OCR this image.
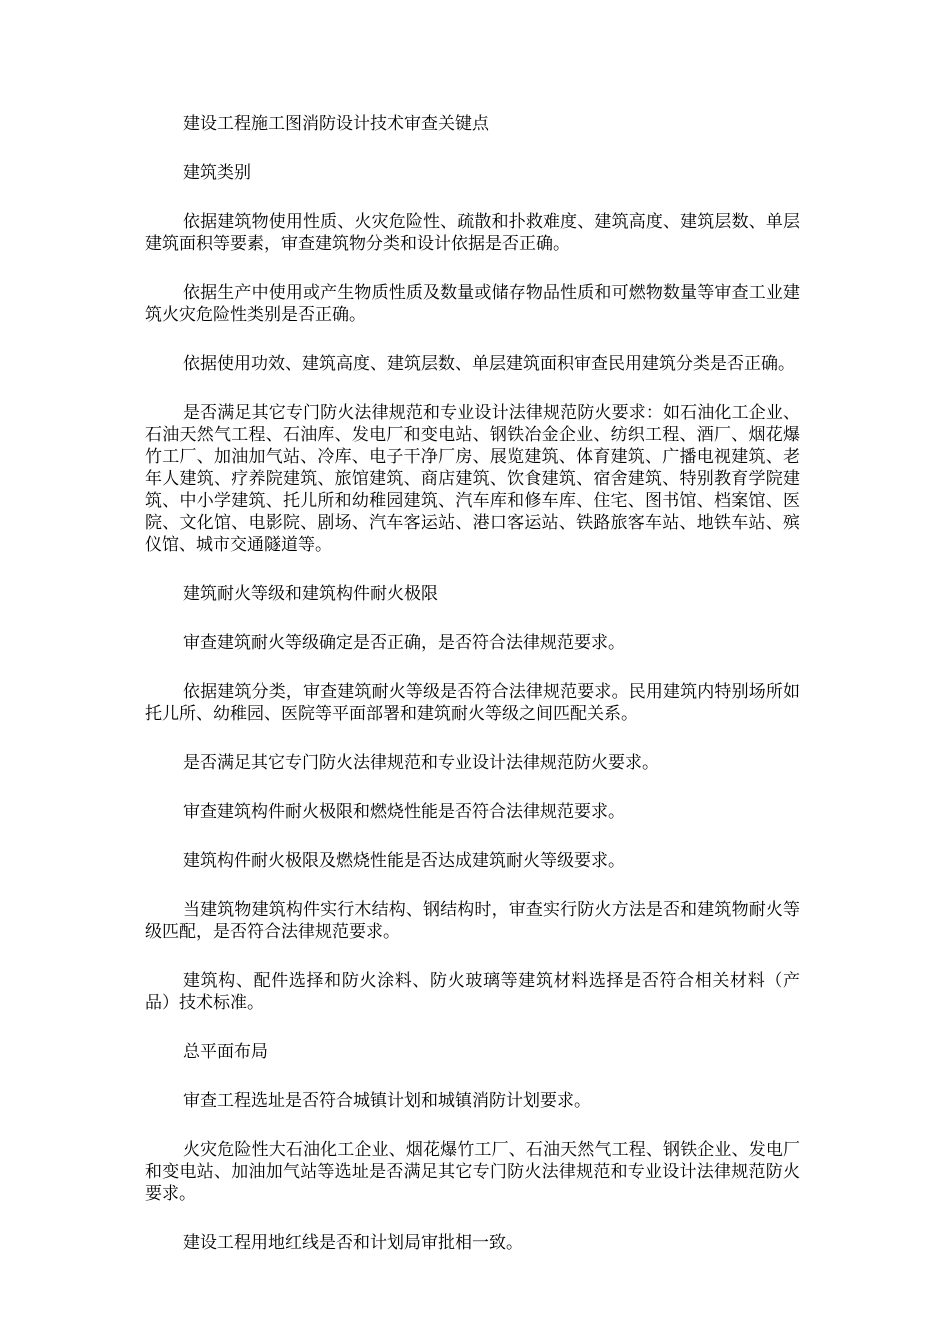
建设工程施工图消防设计技术审查关键点

建筑类别

依据建筑物使用性质、火灾危险性、疏散和扑救难度、建筑高度、建筑层数、单层建筑面积等要素，审查建筑物分类和设计依据是否正确。

依据生产中使用或产生物质性质及数量或储存物品性质和可燃物数量等审查工业建筑火灾危险性类别是否正确。

依据使用功效、建筑高度、建筑层数、单层建筑面积审查民用建筑分类是否正确。

是否满足其它专门防火法律规范和专业设计法律规范防火要求：如石油化工企业、石油天然气工程、石油库、发电厂和变电站、钢铁冶金企业、纺织工程、酒厂、烟花爆竹工厂、加油加气站、冷库、电子干净厂房、展览建筑、体育建筑、广播电视建筑、老年人建筑、疗养院建筑、旅馆建筑、商店建筑、饮食建筑、宿舍建筑、特别教育学院建筑、中小学建筑、托儿所和幼稚园建筑、汽车库和修车库、住宅、图书馆、档案馆、医院、文化馆、电影院、剧场、汽车客运站、港口客运站、铁路旅客车站、地铁车站、殡仪馆、城市交通隧道等。

建筑耐火等级和建筑构件耐火极限

审查建筑耐火等级确定是否正确，是否符合法律规范要求。

依据建筑分类，审查建筑耐火等级是否符合法律规范要求。民用建筑内特别场所如托儿所、幼稚园、医院等平面部署和建筑耐火等级之间匹配关系。

是否满足其它专门防火法律规范和专业设计法律规范防火要求。

审查建筑构件耐火极限和燃烧性能是否符合法律规范要求。

建筑构件耐火极限及燃烧性能是否达成建筑耐火等级要求。

当建筑物建筑构件实行木结构、钢结构时，审查实行防火方法是否和建筑物耐火等级匹配，是否符合法律规范要求。

建筑构、配件选择和防火涂料、防火玻璃等建筑材料选择是否符合相关材料（产品）技术标准。

总平面布局

审查工程选址是否符合城镇计划和城镇消防计划要求。

火灾危险性大石油化工企业、烟花爆竹工厂、石油天然气工程、钢铁企业、发电厂和变电站、加油加气站等选址是否满足其它专门防火法律规范和专业设计法律规范防火要求。

建设工程用地红线是否和计划局审批相一致。
